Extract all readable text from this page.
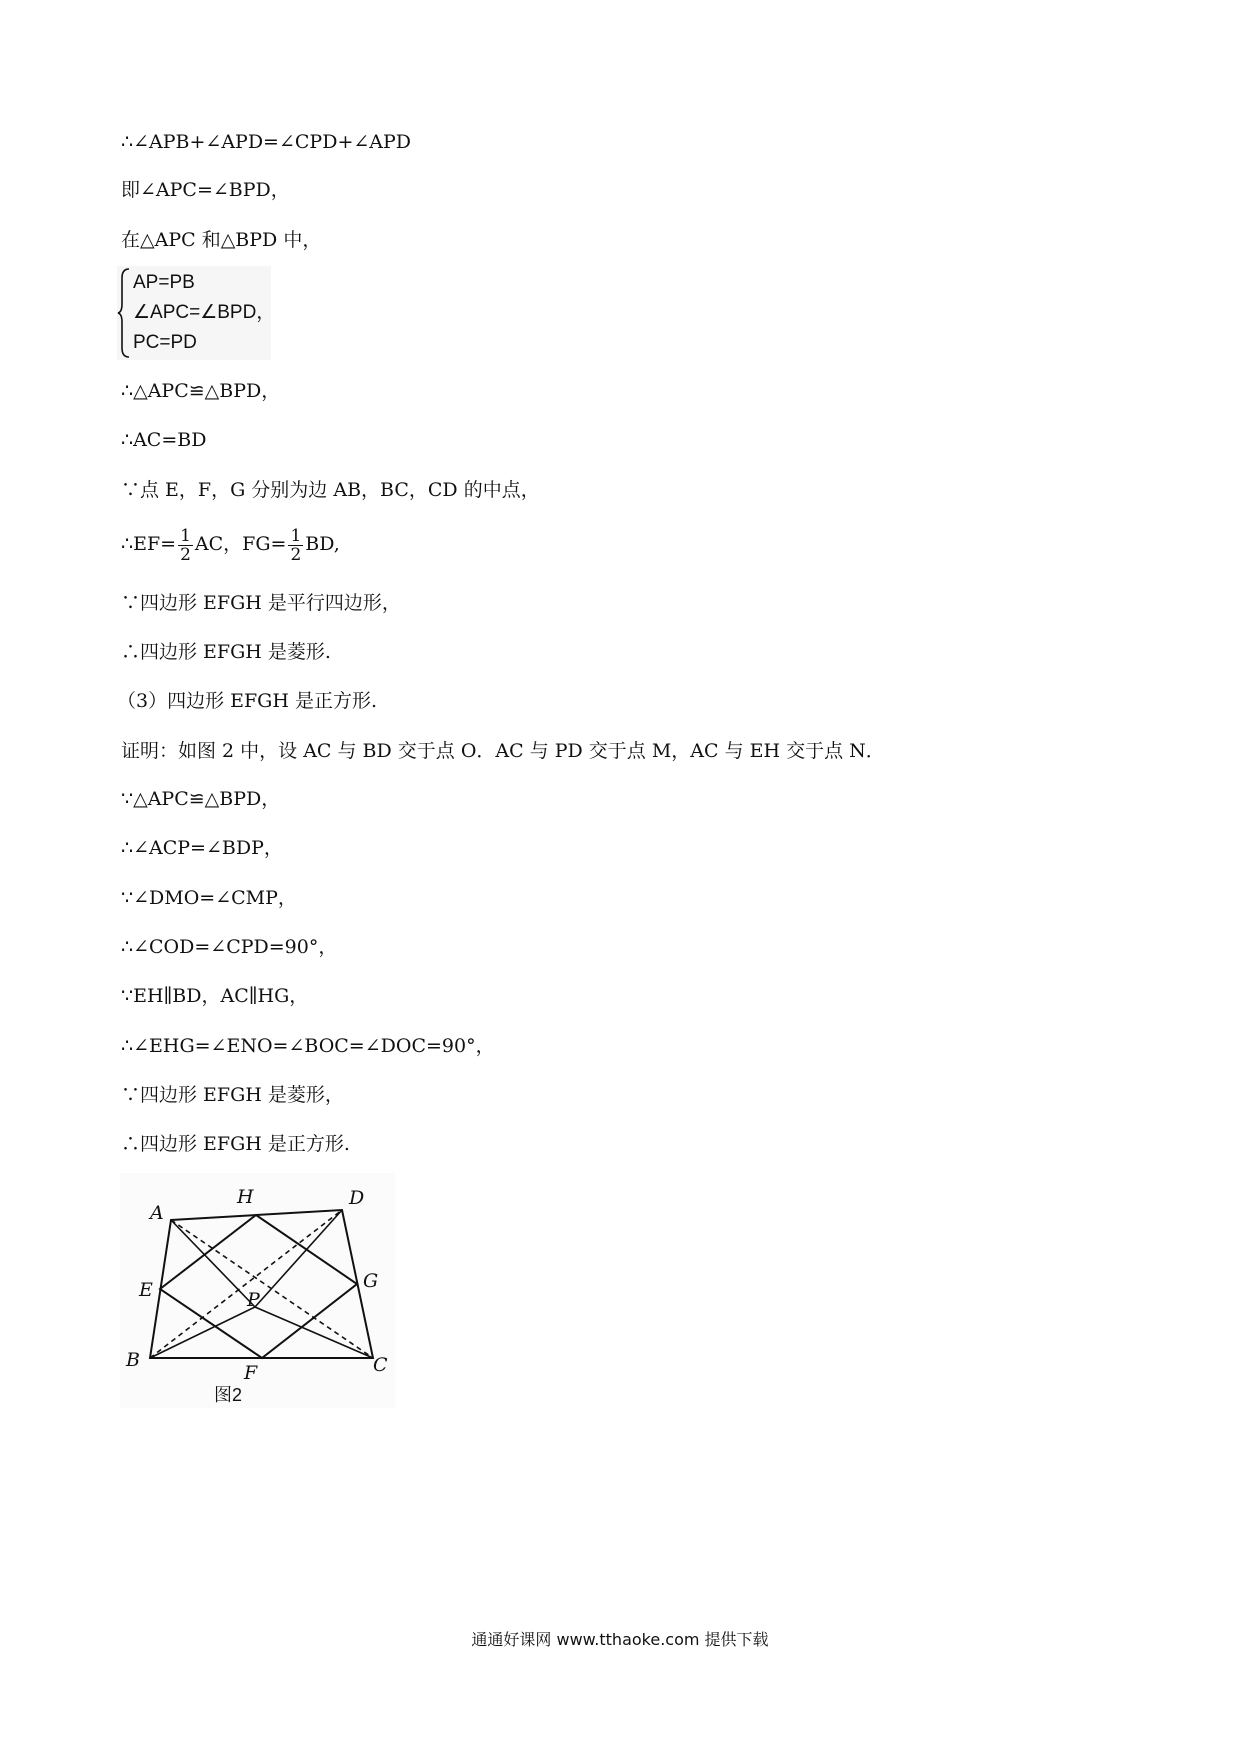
∴∠APB+∠APD=∠CPD+∠APD
即∠APC=∠BPD，
在△APC 和△BPD 中，
AP=PB
∠APC=∠BPD，
PC=PD
∴△APC≌△BPD，
∴AC=BD
∵点 E，F，G 分别为边 AB，BC，CD 的中点，
∴EF= $\frac{1}{2}$ AC，$FG= \frac{1}{2}$ BD,
∵四边形 EFGH 是平行四边形，
∴四边形 EFGH 是菱形.
（3）四边形 EFGH 是正方形.
证明：如图 2 中，设 AC 与 BD 交于点 O．AC 与 PD 交于点 M，AC 与 EH 交于点 N．
∵△APC≌△BPD，
∴∠ACP=∠BDP，
∵∠DMO=∠CMP，
∴∠COD=∠CPD=90°，
∵EH∥BD，AC∥HG，
∴∠EHG=∠ENO=∠BOC=∠DOC=90°，
∵四边形 EFGH 是菱形，
∴四边形 EFGH 是正方形.
A
H	D
E	G
P
B
F	C
图2
通通好课网 www.tthaoke.com 提供下载
